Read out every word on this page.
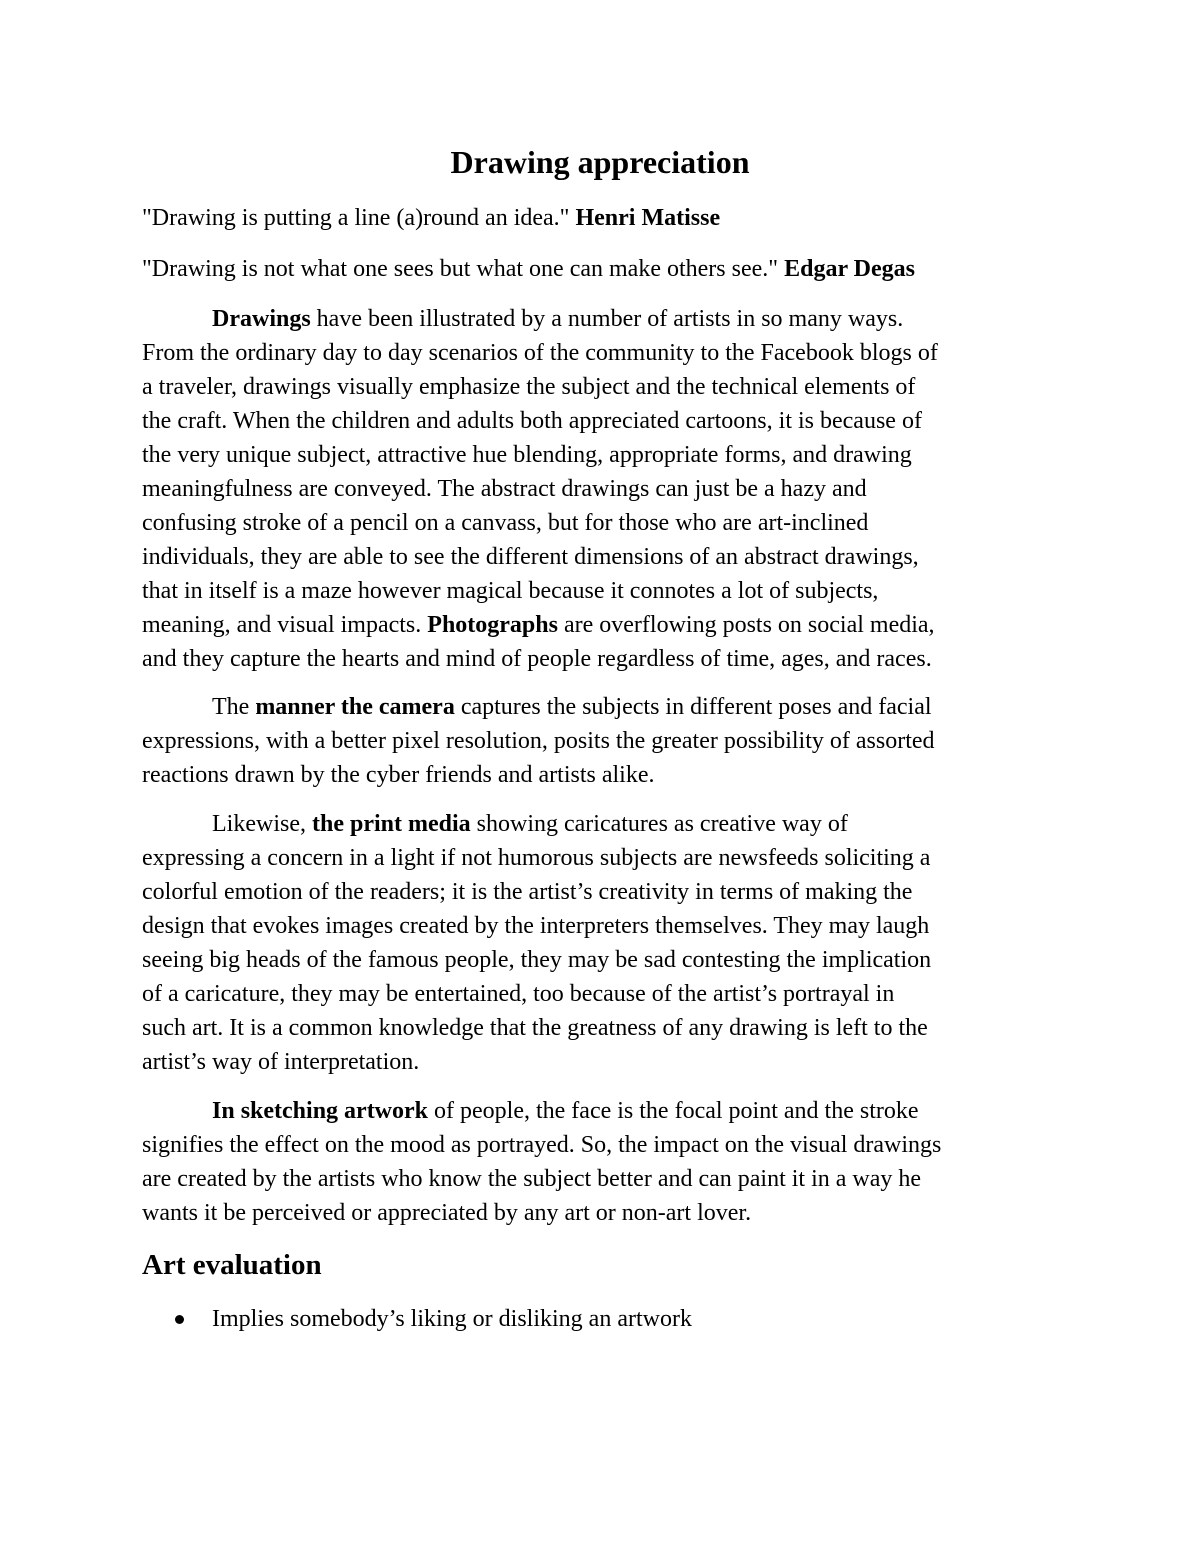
Drawing appreciation

"Drawing is putting a line (a)round an idea." Henri Matisse

"Drawing is not what one sees but what one can make others see." Edgar Degas

Drawings have been illustrated by a number of artists in so many ways.
From the ordinary day to day scenarios of the community to the Facebook blogs of
a traveler, drawings visually emphasize the subject and the technical elements of
the craft. When the children and adults both appreciated cartoons, it is because of
the very unique subject, attractive hue blending, appropriate forms, and drawing
meaningfulness are conveyed. The abstract drawings can just be a hazy and
confusing stroke of a pencil on a canvass, but for those who are art-inclined
individuals, they are able to see the different dimensions of an abstract drawings,
that in itself is a maze however magical because it connotes a lot of subjects,
meaning, and visual impacts. Photographs are overflowing posts on social media,
and they capture the hearts and mind of people regardless of time, ages, and races.
The manner the camera captures the subjects in different poses and facial
expressions, with a better pixel resolution, posits the greater possibility of assorted
reactions drawn by the cyber friends and artists alike.
Likewise, the print media showing caricatures as creative way of
expressing a concern in a light if not humorous subjects are newsfeeds soliciting a
colorful emotion of the readers; it is the artist’s creativity in terms of making the
design that evokes images created by the interpreters themselves. They may laugh
seeing big heads of the famous people, they may be sad contesting the implication
of a caricature, they may be entertained, too because of the artist’s portrayal in
such art. It is a common knowledge that the greatness of any drawing is left to the
artist’s way of interpretation.
In sketching artwork of people, the face is the focal point and the stroke
signifies the effect on the mood as portrayed. So, the impact on the visual drawings
are created by the artists who know the subject better and can paint it in a way he
wants it be perceived or appreciated by any art or non-art lover.
Art evaluation
Implies somebody’s liking or disliking an artwork
